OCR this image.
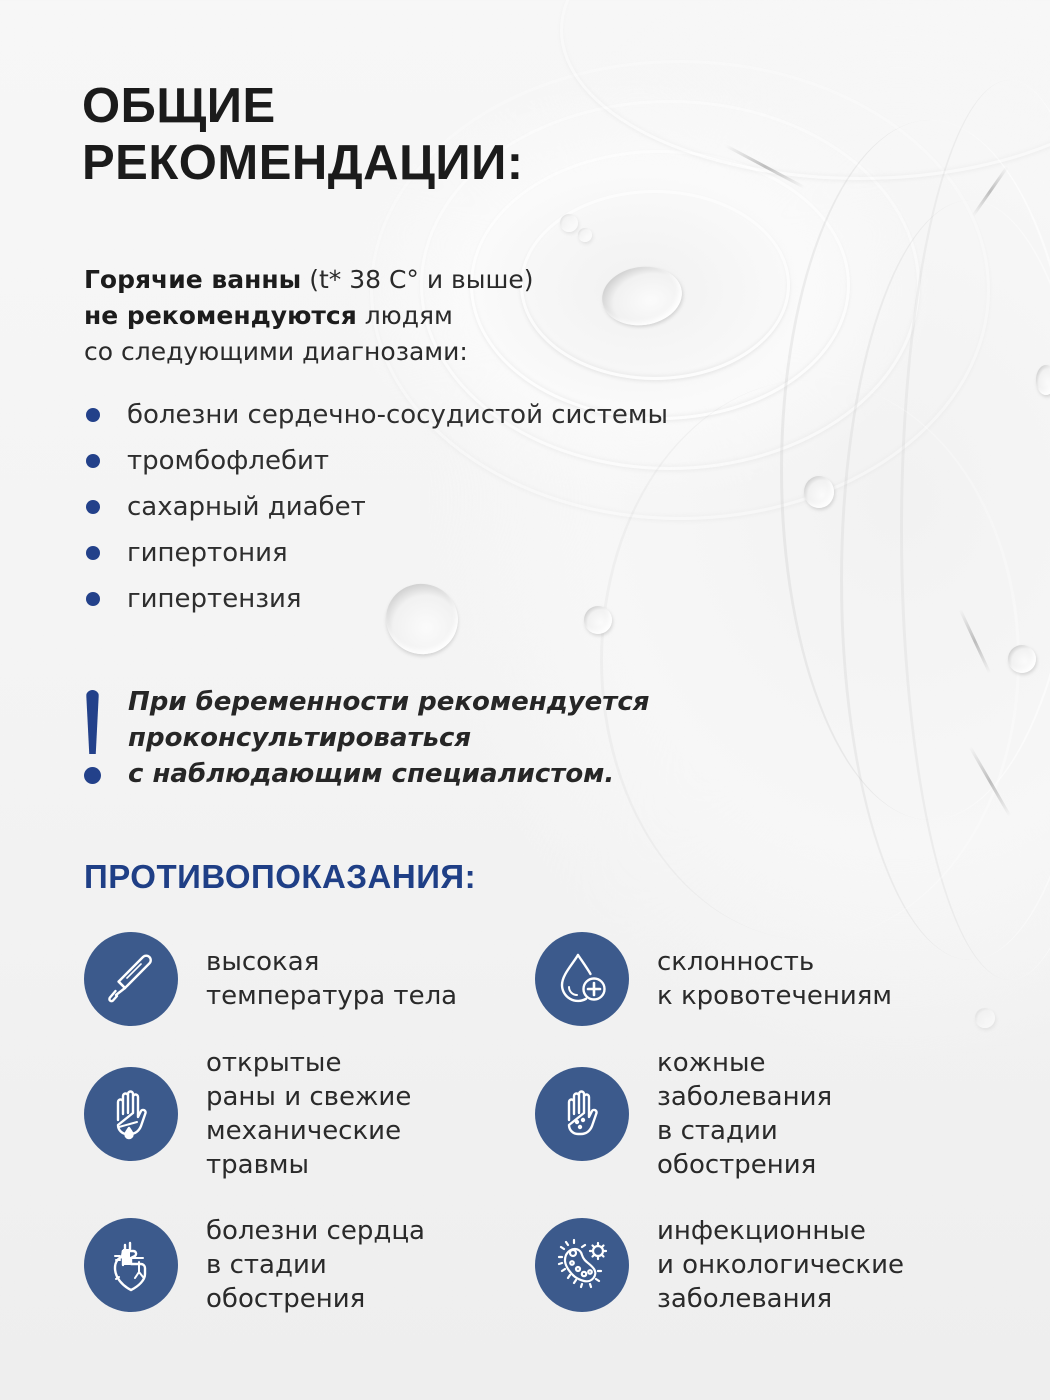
ОБЩИЕ
РЕКОМЕНДАЦИИ:
Горячие ванны (t* 38 С° и выше)
не рекомендуются людям
со следующими диагнозами:
болезни сердечно-сосудистой системы
тромбофлебит
сахарный диабет
гипертония
гипертензия
При беременности рекомендуется
проконсультироваться
с наблюдающим специалистом.
ПРОТИВОПОКАЗАНИЯ:
высокая
температура тела
склонность
к кровотечениям
открытые
раны и свежие
механические
травмы
кожные
заболевания
в стадии
обострения
болезни сердца
в стадии
обострения
инфекционные
и онкологические
заболевания
